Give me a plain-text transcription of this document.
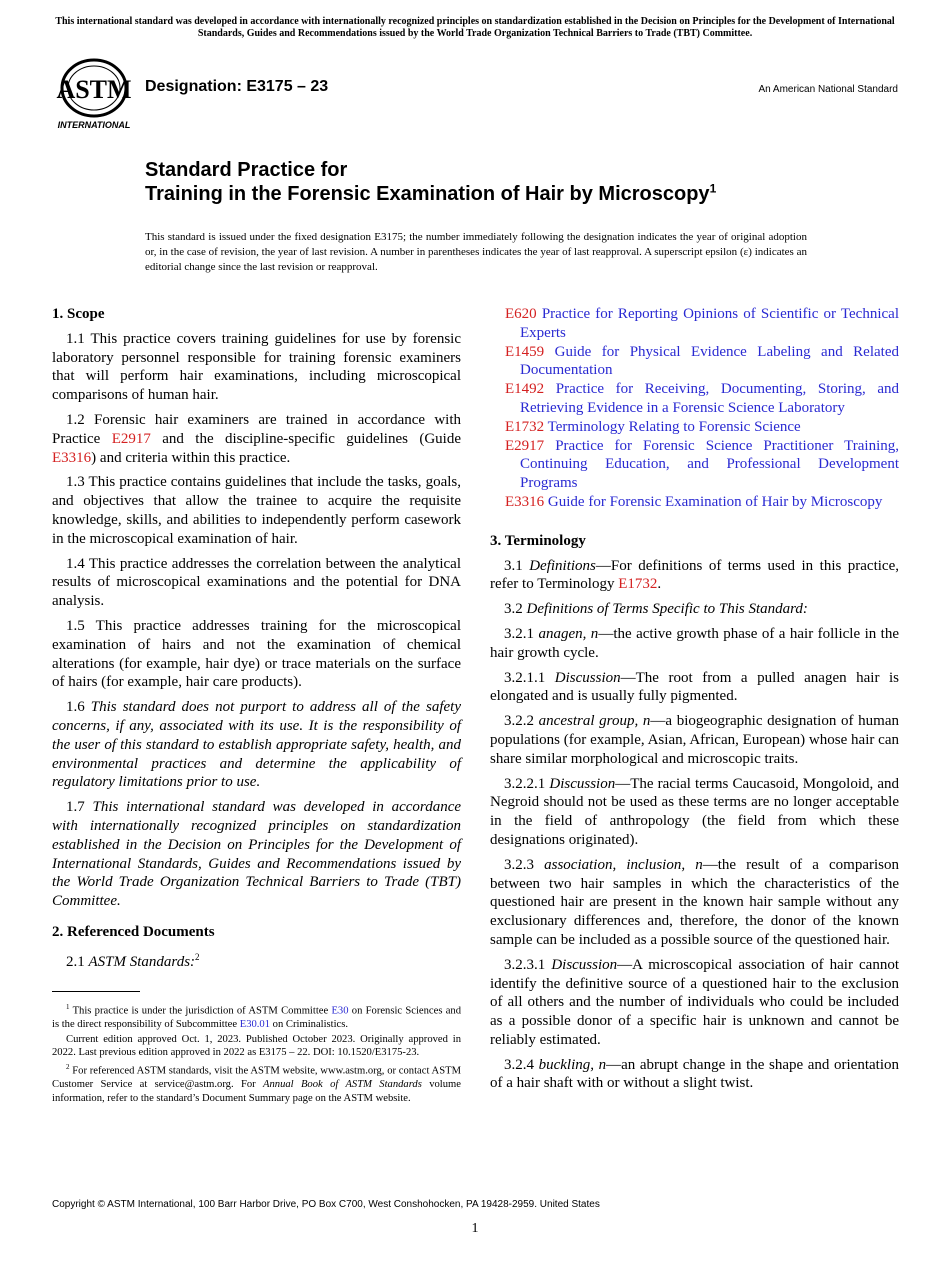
This international standard was developed in accordance with internationally recognized principles on standardization established in the Decision on Principles for the Development of International Standards, Guides and Recommendations issued by the World Trade Organization Technical Barriers to Trade (TBT) Committee.
ASTM
INTERNATIONAL
Designation: E3175 – 23	An American National Standard
Standard Practice for
Training in the Forensic Examination of Hair by Microscopy$^1$
This standard is issued under the fixed designation E3175; the number immediately following the designation indicates the year of original adoption or, in the case of revision, the year of last revision. A number in parentheses indicates the year of last reapproval. A superscript epsilon (ε) indicates an editorial change since the last revision or reapproval.
1. Scope

1.1 This practice covers training guidelines for use by forensic laboratory personnel responsible for training forensic examiners that will perform hair examinations, including microscopical comparisons of human hair.

1.2 Forensic hair examiners are trained in accordance with Practice E2917 and the discipline-specific guidelines (Guide E3316) and criteria within this practice.

1.3 This practice contains guidelines that include the tasks, goals, and objectives that allow the trainee to acquire the requisite knowledge, skills, and abilities to independently perform casework in the microscopical examination of hair.

1.4 This practice addresses the correlation between the analytical results of microscopical examinations and the potential for DNA analysis.

1.5 This practice addresses training for the microscopical examination of hairs and not the examination of chemical alterations (for example, hair dye) or trace materials on the surface of hairs (for example, hair care products).

1.6 This standard does not purport to address all of the safety concerns, if any, associated with its use. It is the responsibility of the user of this standard to establish appropriate safety, health, and environmental practices and determine the applicability of regulatory limitations prior to use.

1.7 This international standard was developed in accordance with internationally recognized principles on standardization established in the Decision on Principles for the Development of International Standards, Guides and Recommendations issued by the World Trade Organization Technical Barriers to Trade (TBT) Committee.

2. Referenced Documents

2.1 ASTM Standards:$^2$

E620 Practice for Reporting Opinions of Scientific or Technical Experts
E1459 Guide for Physical Evidence Labeling and Related Documentation
E1492 Practice for Receiving, Documenting, Storing, and Retrieving Evidence in a Forensic Science Laboratory
E1732 Terminology Relating to Forensic Science
E2917 Practice for Forensic Science Practitioner Training, Continuing Education, and Professional Development Programs
E3316 Guide for Forensic Examination of Hair by Microscopy
3. Terminology

3.1 Definitions—For definitions of terms used in this practice, refer to Terminology E1732.

3.2 Definitions of Terms Specific to This Standard:

3.2.1 anagen, n—the active growth phase of a hair follicle in the hair growth cycle.

3.2.1.1 Discussion—The root from a pulled anagen hair is elongated and is usually fully pigmented.

3.2.2 ancestral group, n—a biogeographic designation of human populations (for example, Asian, African, European) whose hair can share similar morphological and microscopic traits.

3.2.2.1 Discussion—The racial terms Caucasoid, Mongoloid, and Negroid should not be used as these terms are no longer acceptable in the field of anthropology (the field from which these designations originated).

3.2.3 association, inclusion, n—the result of a comparison between two hair samples in which the characteristics of the questioned hair are present in the known hair sample without any exclusionary differences and, therefore, the donor of the known sample can be included as a possible source of the questioned hair.

3.2.3.1 Discussion—A microscopical association of hair cannot identify the definitive source of a questioned hair to the exclusion of all others and the number of individuals who could be included as a possible donor of a specific hair is unknown and cannot be reliably estimated.

3.2.4 buckling, n—an abrupt change in the shape and orientation of a hair shaft with or without a slight twist.

$^1$ This practice is under the jurisdiction of ASTM Committee E30 on Forensic Sciences and is the direct responsibility of Subcommittee E30.01 on Criminalistics.

Current edition approved Oct. 1, 2023. Published October 2023. Originally approved in 2022. Last previous edition approved in 2022 as E3175 – 22. DOI: 10.1520/E3175-23.

$^2$ For referenced ASTM standards, visit the ASTM website, www.astm.org, or contact ASTM Customer Service at service@astm.org. For Annual Book of ASTM Standards volume information, refer to the standard’s Document Summary page on the ASTM website.

Copyright © ASTM International, 100 Barr Harbor Drive, PO Box C700, West Conshohocken, PA 19428-2959. United States
1
